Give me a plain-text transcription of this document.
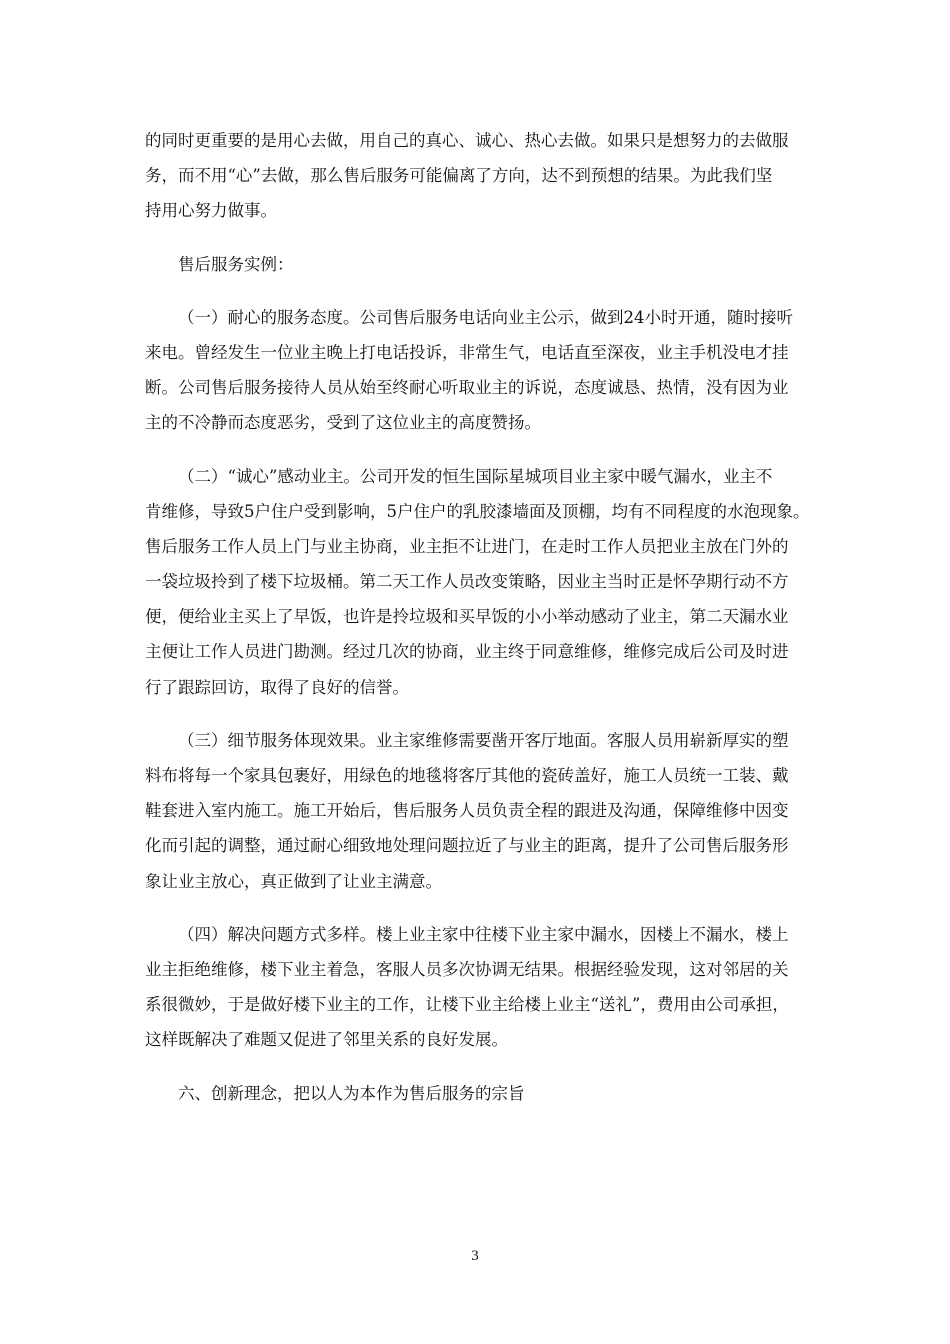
的同时更重要的是用心去做，用自己的真心、诚心、热心去做。如果只是想努力的去做服
务，而不用“心”去做，那么售后服务可能偏离了方向，达不到预想的结果。为此我们坚
持用心努力做事。
售后服务实例：
（一）耐心的服务态度。公司售后服务电话向业主公示，做到24小时开通，随时接听
来电。曾经发生一位业主晚上打电话投诉，非常生气，电话直至深夜，业主手机没电才挂
断。公司售后服务接待人员从始至终耐心听取业主的诉说，态度诚恳、热情，没有因为业
主的不冷静而态度恶劣，受到了这位业主的高度赞扬。
（二）“诚心”感动业主。公司开发的恒生国际星城项目业主家中暖气漏水，业主不
肯维修，导致5户住户受到影响，5户住户的乳胶漆墙面及顶棚，均有不同程度的水泡现象。
售后服务工作人员上门与业主协商，业主拒不让进门，在走时工作人员把业主放在门外的
一袋垃圾拎到了楼下垃圾桶。第二天工作人员改变策略，因业主当时正是怀孕期行动不方
便，便给业主买上了早饭，也许是拎垃圾和买早饭的小小举动感动了业主，第二天漏水业
主便让工作人员进门勘测。经过几次的协商，业主终于同意维修，维修完成后公司及时进
行了跟踪回访，取得了良好的信誉。
（三）细节服务体现效果。业主家维修需要凿开客厅地面。客服人员用崭新厚实的塑
料布将每一个家具包裹好，用绿色的地毯将客厅其他的瓷砖盖好，施工人员统一工装、戴
鞋套进入室内施工。施工开始后，售后服务人员负责全程的跟进及沟通，保障维修中因变
化而引起的调整，通过耐心细致地处理问题拉近了与业主的距离，提升了公司售后服务形
象让业主放心，真正做到了让业主满意。
（四）解决问题方式多样。楼上业主家中往楼下业主家中漏水，因楼上不漏水，楼上
业主拒绝维修，楼下业主着急，客服人员多次协调无结果。根据经验发现，这对邻居的关
系很微妙，于是做好楼下业主的工作，让楼下业主给楼上业主“送礼”，费用由公司承担，
这样既解决了难题又促进了邻里关系的良好发展。
六、创新理念，把以人为本作为售后服务的宗旨
3
